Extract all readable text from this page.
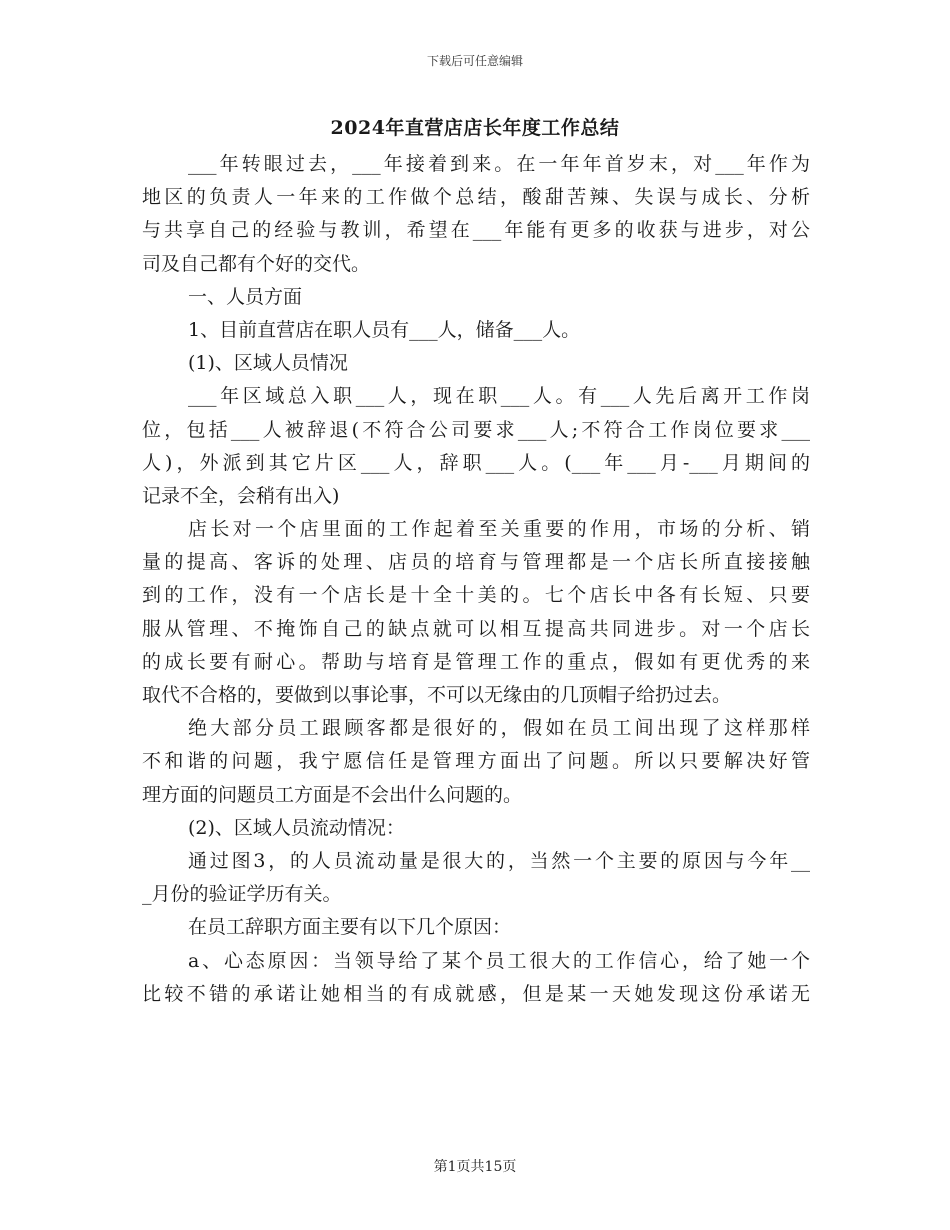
下载后可任意编辑
2024年直营店店长年度工作总结
___年转眼过去，___年接着到来。在一年年首岁末，对___年作为
地区的负责人一年来的工作做个总结，酸甜苦辣、失误与成长、分析
与共享自己的经验与教训，希望在___年能有更多的收获与进步，对公
司及自己都有个好的交代。
一、人员方面
1、目前直营店在职人员有___人，储备___人。
(1)、区域人员情况
___年区域总入职___人，现在职___人。有___人先后离开工作岗
位，包括___人被辞退(不符合公司要求___人;不符合工作岗位要求___
人)，外派到其它片区___人，辞职___人。(___年___月-___月期间的
记录不全，会稍有出入)
店长对一个店里面的工作起着至关重要的作用，市场的分析、销
量的提高、客诉的处理、店员的培育与管理都是一个店长所直接接触
到的工作，没有一个店长是十全十美的。七个店长中各有长短、只要
服从管理、不掩饰自己的缺点就可以相互提高共同进步。对一个店长
的成长要有耐心。帮助与培育是管理工作的重点，假如有更优秀的来
取代不合格的，要做到以事论事，不可以无缘由的几顶帽子给扔过去。
绝大部分员工跟顾客都是很好的，假如在员工间出现了这样那样
不和谐的问题，我宁愿信任是管理方面出了问题。所以只要解决好管
理方面的问题员工方面是不会出什么问题的。
(2)、区域人员流动情况：
通过图3，的人员流动量是很大的，当然一个主要的原因与今年__
_月份的验证学历有关。
在员工辞职方面主要有以下几个原因：
a、心态原因：当领导给了某个员工很大的工作信心，给了她一个
比较不错的承诺让她相当的有成就感，但是某一天她发现这份承诺无
第1页共15页
